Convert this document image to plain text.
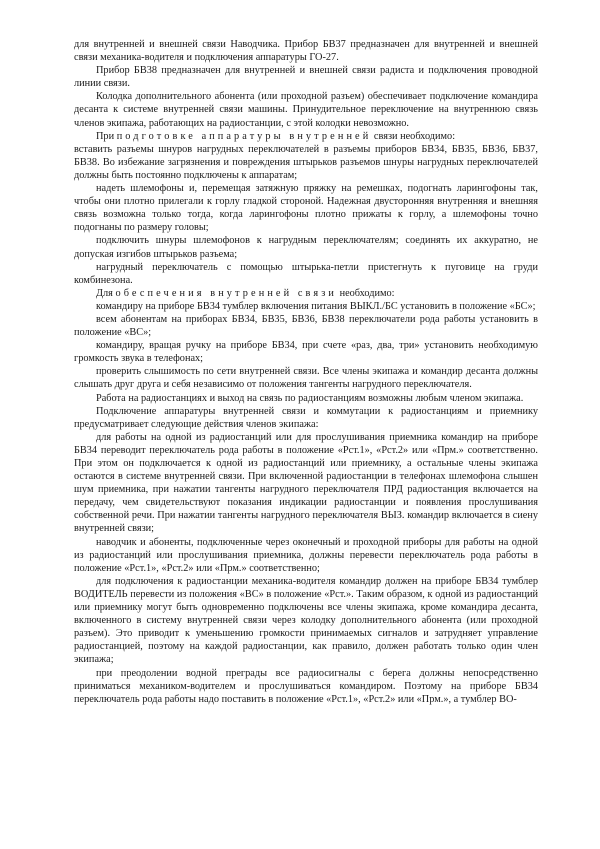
для внутренней и внешней связи Наводчика. Прибор БВ37 предназначен для внутренней и внешней связи механика-водителя и подключения аппаратуры ГО-27.

Прибор БВ38 предназначен для внутренней и внешней связи радиста и подключения проводной линии связи.

Колодка дополнительного абонента (или проходной разъем) обеспечивает подключение командира десанта к системе внутренней связи машины. Принудительное переключение на внутреннюю связь членов экипажа, работающих на радиостанции, с этой колодки невозможно.

При подготовке аппаратуры внутренней связи необходимо:

вставить разъемы шнуров нагрудных переключателей в разъемы приборов БВ34, БВ35, БВ36, БВ37, БВ38. Во избежание загрязнения и повреждения штырьков разъемов шнуры нагрудных переключателей должны быть постоянно подключены к аппаратам;

надеть шлемофоны и, перемещая затяжную пряжку на ремешках, подогнать ларингофоны так, чтобы они плотно прилегали к горлу гладкой стороной. Надежная двусторонняя внутренняя и внешняя связь возможна только тогда, когда ларингофоны плотно прижаты к горлу, а шлемофоны точно подогнаны по размеру головы;

подключить шнуры шлемофонов к нагрудным переключателям; соединять их аккуратно, не допуская изгибов штырьков разъема;

нагрудный переключатель с помощью штырька-петли пристегнуть к пуговице на груди комбинезона.

Для обеспечения внутренней связи необходимо:

командиру на приборе БВ34 тумблер включения питания ВЫКЛ./БС установить в положение «БС»;

всем абонентам на приборах БВ34, БВ35, БВ36, БВ38 переключатели рода работы установить в положение «ВС»;

командиру, вращая ручку на приборе БВ34, при счете «раз, два, три» установить необходимую громкость звука в телефонах;

проверить слышимость по сети внутренней связи. Все члены экипажа и командир десанта должны слышать друг друга и себя независимо от положения тангенты нагрудного переключателя.

Работа на радиостанциях и выход на связь по радиостанциям возможны любым членом экипажа.

Подключение аппаратуры внутренней связи и коммутации к радиостанциям и приемнику предусматривает следующие действия членов экипажа:

для работы на одной из радиостанций или для прослушивания приемника командир на приборе БВ34 переводит переключатель рода работы в положение «Рст.1», «Рст.2» или «Прм.» соответственно. При этом он подключается к одной из радиостанций или приемнику, а остальные члены экипажа остаются в системе внутренней связи. При включенной радиостанции в телефонах шлемофона слышен шум приемника, при нажатии тангенты нагрудного переключателя ПРД радиостанция включается на передачу, чем свидетельствуют показания индикации радиостанции и появления прослушивания собственной речи. При нажатии тангенты нагрудного переключателя ВЫЗ. командир включается в сиену внутренней связи;

наводчик и абоненты, подключенные через оконечный и проходной приборы для работы на одной из радиостанций или прослушивания приемника, должны перевести переключатель рода работы в положение «Рст.1», «Рст.2» или «Прм.» соответственно;

для подключения к радиостанции механика-водителя командир должен на приборе БВ34 тумблер ВОДИТЕЛЬ перевести из положения «ВС» в положение «Рст.». Таким образом, к одной из радиостанций или приемнику могут быть одновременно подключены все члены экипажа, кроме командира десанта, включенного в систему внутренней связи через колодку дополнительного абонента (или проходной разъем). Это приводит к уменьшению громкости принимаемых сигналов и затрудняет управление радиостанцией, поэтому на каждой радиостанции, как правило, должен работать только один член экипажа;

при преодолении водной преграды все радиосигналы с берега должны непосредственно приниматься механиком-водителем и прослушиваться командиром. Поэтому на приборе БВ34 переключатель рода работы надо поставить в положение «Рст.1», «Рст.2» или «Прм.», а тумблер ВО-
